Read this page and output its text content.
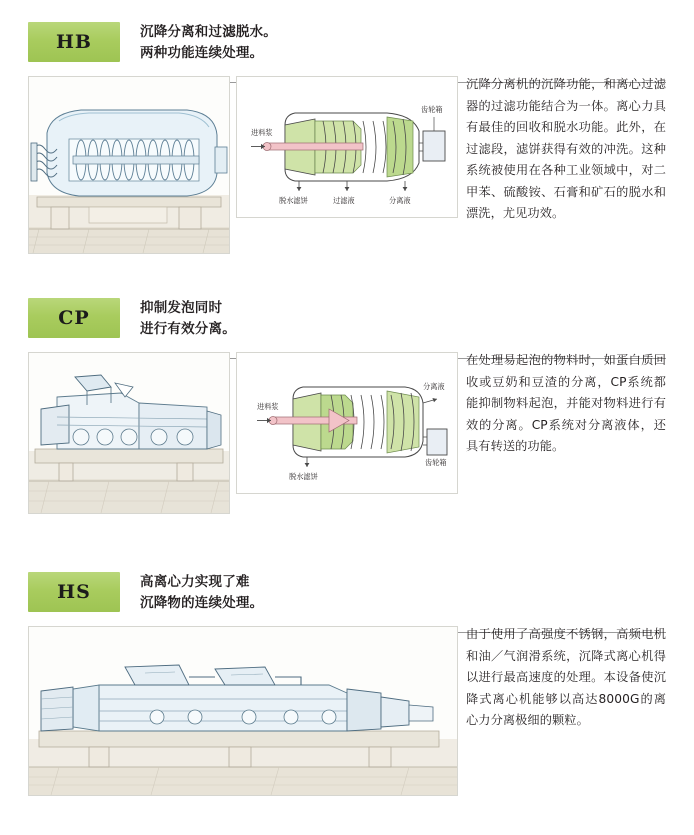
HB	沉降分离和过滤脱水。
两种功能连续处理。
进料浆
齿轮箱
脱水滤饼	过滤液	分离液
沉降分离机的沉降功能，和离心过滤器的过滤功能结合为一体。离心力具有最佳的回收和脱水功能。此外，在过滤段，滤饼获得有效的冲洗。这种系统被使用在各种工业领域中，对二甲苯、硫酸铵、石膏和矿石的脱水和漂洗，尤见功效。
CP	抑制发泡同时
进行有效分离。
进料浆
分离液
脱水滤饼
齿轮箱
在处理易起泡的物料时，如蛋白质回收或豆奶和豆渣的分离，CP系统都能抑制物料起泡，并能对物料进行有效的分离。CP系统对分离液体，还具有转送的功能。
HS	高离心力实现了难
沉降物的连续处理。
由于使用了高强度不锈钢，高频电机和油／气润滑系统，沉降式离心机得以进行最高速度的处理。本设备使沉降式离心机能够以高达8000G的离心力分离极细的颗粒。
